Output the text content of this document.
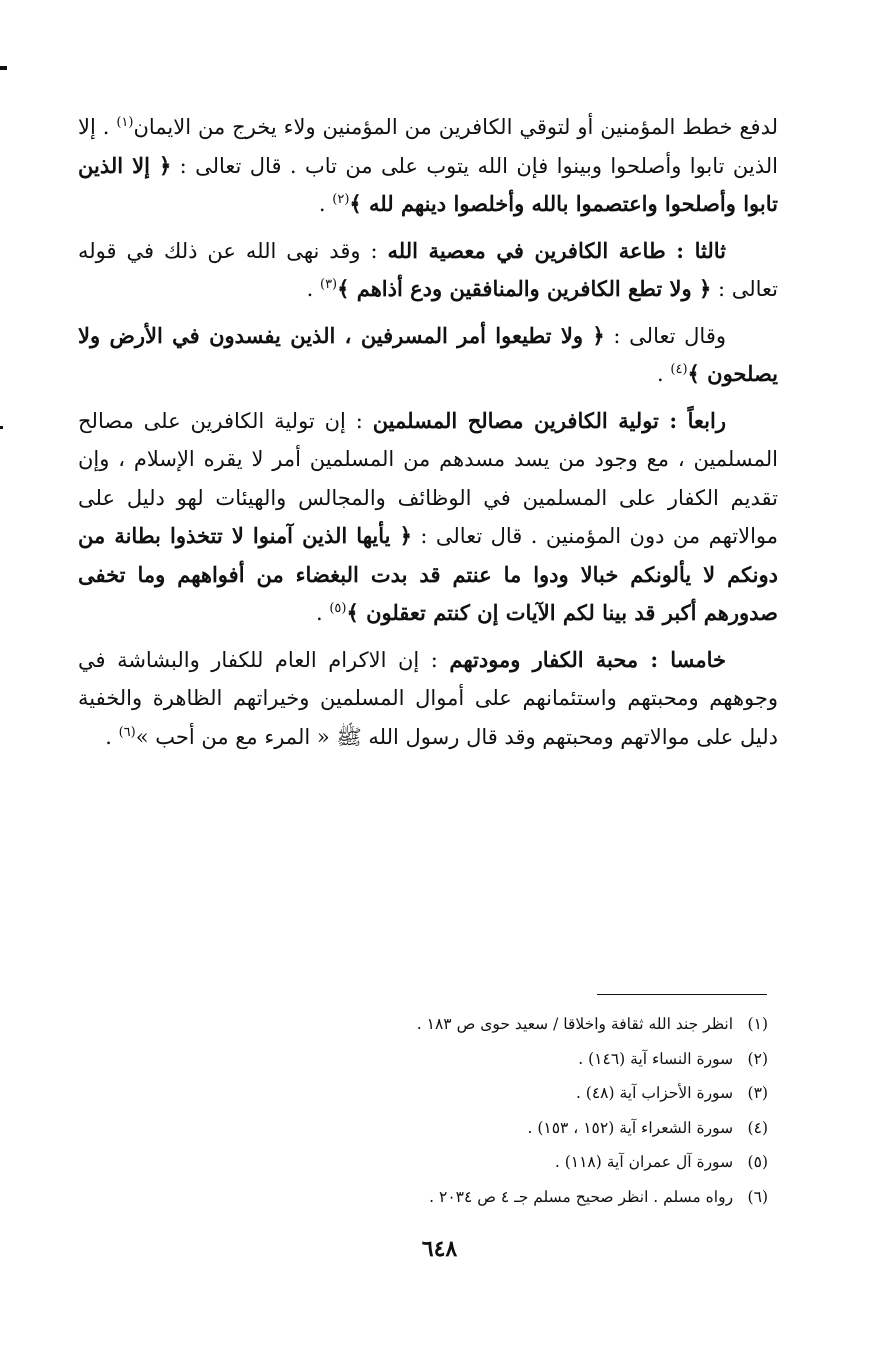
لدفع خطط المؤمنين أو لتوقي الكافرين من المؤمنين ولاء يخرج من الايمان$^{(١)}$ . إلا الذين تابوا وأصلحوا وبينوا فإن الله يتوب على من تاب . قال تعالى : ﴿ إلا الذين تابوا وأصلحوا واعتصموا بالله وأخلصوا دينهم لله ﴾$^{(٢)}$ .

ثالثا : طاعة الكافرين في معصية الله : وقد نهى الله عن ذلك في قوله تعالى : ﴿ ولا تطع الكافرين والمنافقين ودع أذاهم ﴾$^{(٣)}$ .

وقال تعالى : ﴿ ولا تطيعوا أمر المسرفين ، الذين يفسدون في الأرض ولا يصلحون ﴾$^{(٤)}$ .

رابعاً : تولية الكافرين مصالح المسلمين : إن تولية الكافرين على مصالح المسلمين ، مع وجود من يسد مسدهم من المسلمين أمر لا يقره الإسلام ، وإن تقديم الكفار على المسلمين في الوظائف والمجالس والهيئات لهو دليل على موالاتهم من دون المؤمنين . قال تعالى : ﴿ يأيها الذين آمنوا لا تتخذوا بطانة من دونكم لا يألونكم خبالا ودوا ما عنتم قد بدت البغضاء من أفواههم وما تخفى صدورهم أكبر قد بينا لكم الآيات إن كنتم تعقلون ﴾$^{(٥)}$ .

خامسا : محبة الكفار ومودتهم : إن الاكرام العام للكفار والبشاشة في وجوههم ومحبتهم واستئمانهم على أموال المسلمين وخيراتهم الظاهرة والخفية دليل على موالاتهم ومحبتهم وقد قال رسول الله ﷺ « المرء مع من أحب »$^{(٦)}$ .

(١) انظر جند الله ثقافة واخلاقا / سعيد حوى ص ١٨٣ .
(٢) سورة النساء آية (١٤٦) .
(٣) سورة الأحزاب آية (٤٨) .
(٤) سورة الشعراء آية (١٥٢ ، ١٥٣) .
(٥) سورة آل عمران آية (١١٨) .
(٦) رواه مسلم . انظر صحيح مسلم جـ ٤ ص ٢٠٣٤ .
٦٤٨
